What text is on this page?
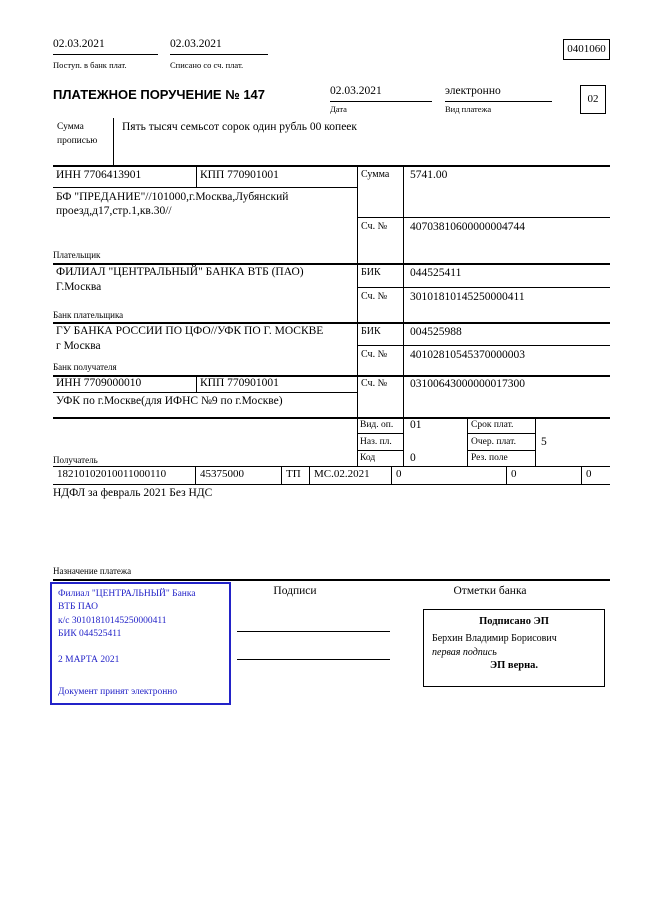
02.03.2021
Поступ. в банк плат.
02.03.2021
Списано со сч. плат.
0401060
ПЛАТЕЖНОЕ ПОРУЧЕНИЕ № 147	02.03.2021
Дата
электронно
Вид платежа
02
Сумма прописью
Пять тысяч семьсот сорок один рубль 00 копеек
ИНН 7706413901	КПП 770901001
БФ "ПРЕДАНИЕ"//101000,г.Москва,Лубянский проезд,д17,стр.1,кв.30//
Плательщик
Сумма 5741.00
Сч. № 40703810600000004744
ФИЛИАЛ "ЦЕНТРАЛЬНЫЙ" БАНКА ВТБ (ПАО)
Г.Москва
Банк плательщика
БИК	044525411
Сч. № 30101810145250000411
ГУ БАНКА РОССИИ ПО ЦФО//УФК ПО Г. МОСКВЕ
г Москва
Банк получателя
БИК	004525988
Сч. № 40102810545370000003
ИНН 7709000010	КПП 770901001
УФК по г.Москве(для ИФНС №9 по г.Москве)
Сч. № 03100643000000017300
Получатель
Вид. оп. 01	Срок плат.
Наз. пл.	Очер. плат. 5
Код	0	Рез. поле
18210102010011000110	45375000	ТП	МС.02.2021	0	0	0
НДФЛ за февраль 2021 Без НДС
Назначение платежа
Подписи	Отметки банка
Филиал "ЦЕНТРАЛЬНЫЙ" Банка
ВТБ ПАО
к/с 30101810145250000411
БИК 044525411
2 МАРТА 2021
Документ принят электронно
Подписано ЭП
Берхин Владимир Борисович
первая подпись
ЭП верна.
